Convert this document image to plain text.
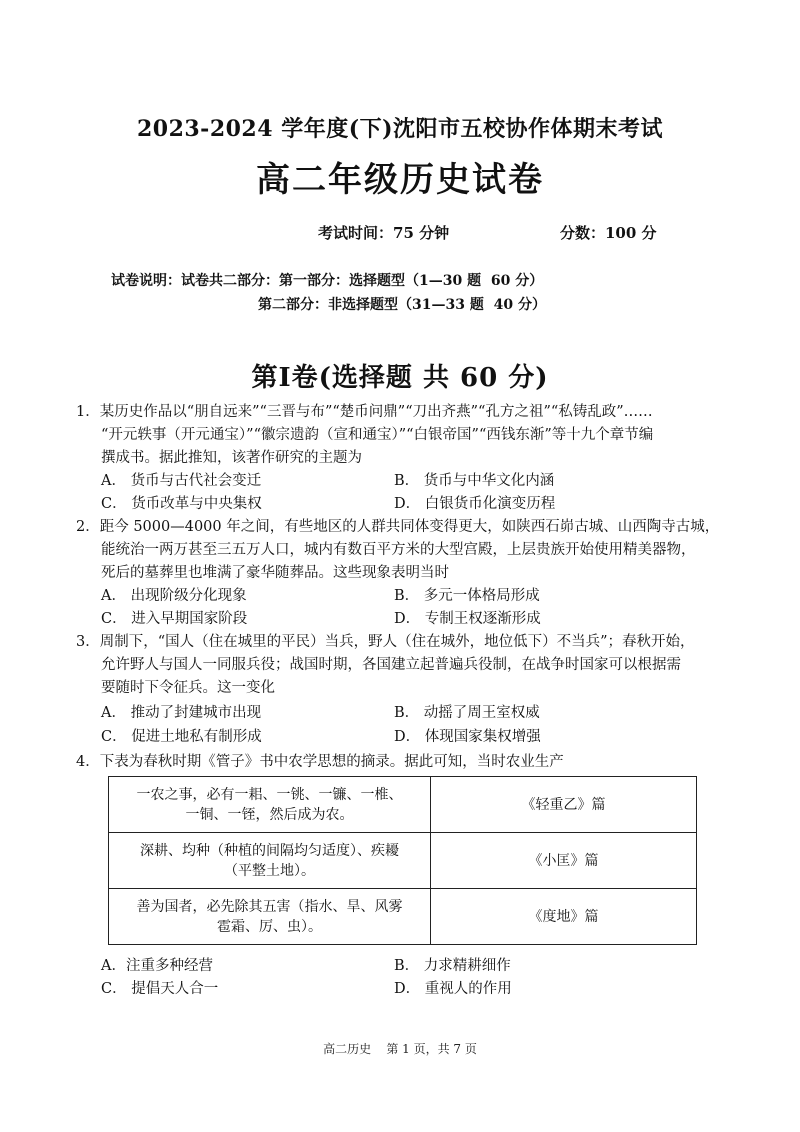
2023-2024 学年度(下)沈阳市五校协作体期末考试
高二年级历史试卷
考试时间：75 分钟	分数：100 分
试卷说明：试卷共二部分：第一部分：选择题型（1—30 题  60 分）
第二部分：非选择题型（31—33 题  40 分）
第Ⅰ卷(选择题 共 60 分)
1．某历史作品以“朋自远来”“三晋与布”“楚币问鼎”“刀出齐燕”“孔方之祖”“私铸乱政”……
“开元轶事（开元通宝）”“徽宗遗韵（宣和通宝）”“白银帝国”“西钱东渐”等十九个章节编
撰成书。据此推知，该著作研究的主题为
A． 货币与古代社会变迁	B． 货币与中华文化内涵
C． 货币改革与中央集权	D． 白银货币化演变历程
2．距今 5000—4000 年之间，有些地区的人群共同体变得更大，如陕西石峁古城、山西陶寺古城，
能统治一两万甚至三五万人口，城内有数百平方米的大型宫殿，上层贵族开始使用精美器物，
死后的墓葬里也堆满了豪华随葬品。这些现象表明当时
A． 出现阶级分化现象	B． 多元一体格局形成
C． 进入早期国家阶段	D． 专制王权逐渐形成
3．周制下，“国人（住在城里的平民）当兵，野人（住在城外，地位低下）不当兵”；春秋开始，
允许野人与国人一同服兵役；战国时期，各国建立起普遍兵役制，在战争时国家可以根据需
要随时下令征兵。这一变化
A． 推动了封建城市出现	B． 动摇了周王室权威
C． 促进土地私有制形成	D． 体现国家集权增强
4．下表为春秋时期《管子》书中农学思想的摘录。据此可知，当时农业生产
一农之事，必有一耜、一铫、一镰、一椎、
一铜、一铚，然后成为农。	《轻重乙》篇

深耕、均种（种植的间隔均匀适度）、疾耰
（平整土地）。	《小匡》篇

善为国者，必先除其五害（指水、旱、风雾
雹霜、厉、虫）。	《度地》篇
A．注重多种经营	B． 力求精耕细作
C． 提倡天人合一	D． 重视人的作用
高二历史    第 1 页，共 7 页
